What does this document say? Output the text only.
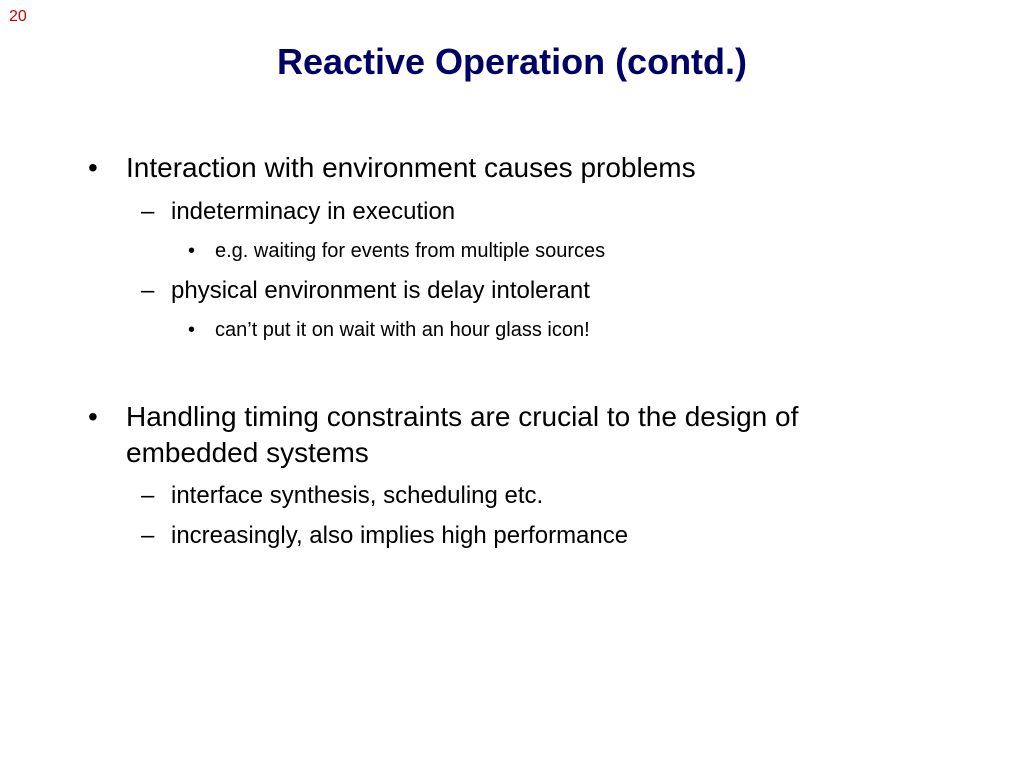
20
Reactive Operation (contd.)
• Interaction with environment causes problems
– indeterminacy in execution
• e.g. waiting for events from multiple sources
– physical environment is delay intolerant
• can’t put it on wait with an hour glass icon!
• Handling timing constraints are crucial to the design of
embedded systems
– interface synthesis, scheduling etc.
– increasingly, also implies high performance
